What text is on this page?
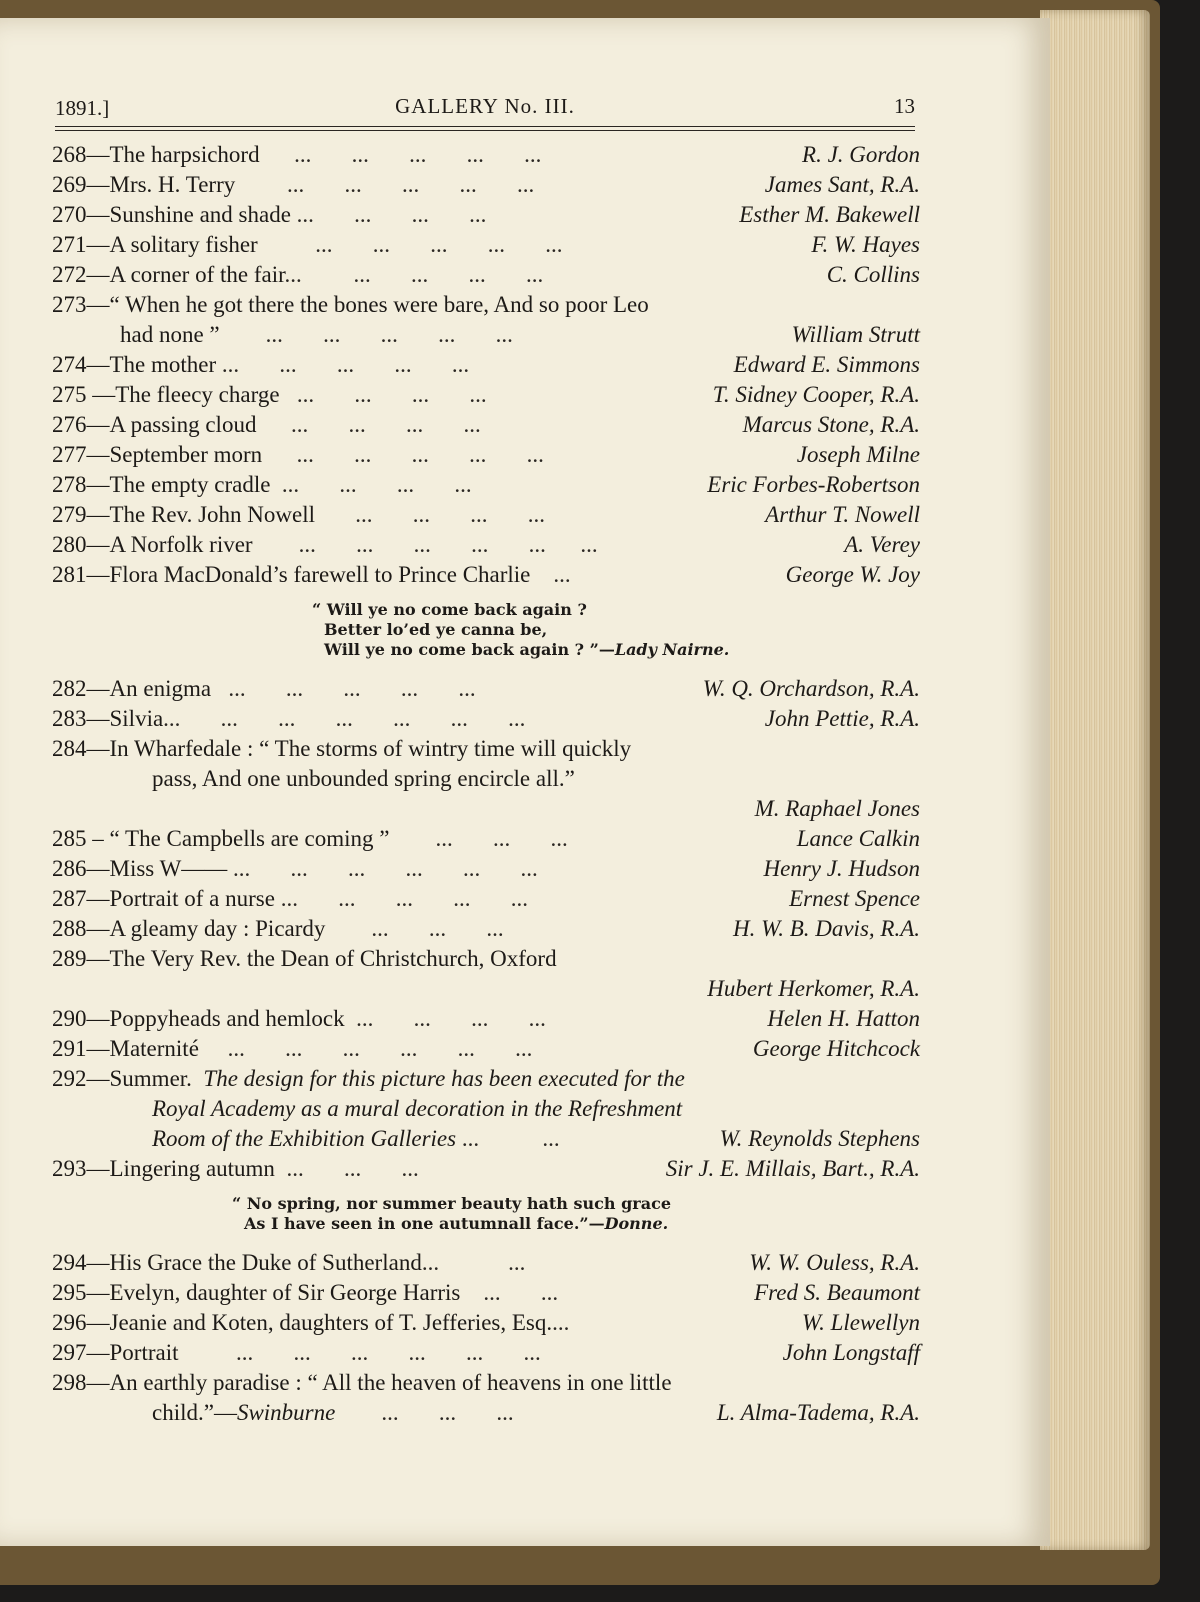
1891.]	GALLERY No. III.	13
268—The harpsichord      ...       ...       ...       ...       ...	R. J. Gordon
269—Mrs. H. Terry         ...       ...       ...       ...       ...	James Sant, R.A.
270—Sunshine and shade ...       ...       ...       ...	Esther M. Bakewell
271—A solitary fisher          ...       ...       ...       ...       ...	F. W. Hayes
272—A corner of the fair...         ...       ...       ...       ...	C. Collins
273—“ When he got there the bones were bare, And so poor Leo
had none ”        ...       ...       ...       ...       ...	William Strutt
274—The mother ...       ...       ...       ...       ...	Edward E. Simmons
275 —The fleecy charge   ...       ...       ...       ...	T. Sidney Cooper, R.A.
276—A passing cloud      ...       ...       ...       ...	Marcus Stone, R.A.
277—September morn      ...       ...       ...       ...       ...	Joseph Milne
278—The empty cradle  ...       ...       ...       ...	Eric Forbes-Robertson
279—The Rev. John Nowell       ...       ...       ...       ...	Arthur T. Nowell
280—A Norfolk river        ...       ...       ...       ...       ...      ...	A. Verey
281—Flora MacDonald’s farewell to Prince Charlie    ...	George W. Joy
“ Will ye no come back again ?
Better lo’ed ye canna be,
Will ye no come back again ? ”—Lady Nairne.
282—An enigma   ...       ...       ...       ...       ...	W. Q. Orchardson, R.A.
283—Silvia...       ...       ...       ...       ...       ...       ...	John Pettie, R.A.
284—In Wharfedale : “ The storms of wintry time will quickly
pass, And one unbounded spring encircle all.”
M. Raphael Jones
285 – “ The Campbells are coming ”        ...       ...       ...	Lance Calkin
286—Miss W—— ...       ...       ...       ...       ...       ...	Henry J. Hudson
287—Portrait of a nurse ...       ...       ...       ...       ...	Ernest Spence
288—A gleamy day : Picardy        ...       ...       ...	H. W. B. Davis, R.A.
289—The Very Rev. the Dean of Christchurch, Oxford
Hubert Herkomer, R.A.
290—Poppyheads and hemlock  ...       ...       ...       ...	Helen H. Hatton
291—Maternité     ...       ...       ...       ...       ...       ...	George Hitchcock
292—Summer. The design for this picture has been executed for the
Royal Academy as a mural decoration in the Refreshment
Room of the Exhibition Galleries ...           ...	W. Reynolds Stephens
293—Lingering autumn  ...       ...       ...	Sir J. E. Millais, Bart., R.A.
“ No spring, nor summer beauty hath such grace
As I have seen in one autumnall face.”—Donne.
294—His Grace the Duke of Sutherland...            ...	W. W. Ouless, R.A.
295—Evelyn, daughter of Sir George Harris    ...       ...	Fred S. Beaumont
296—Jeanie and Koten, daughters of T. Jefferies, Esq....	W. Llewellyn
297—Portrait          ...       ...       ...       ...       ...       ...	John Longstaff
298—An earthly paradise : “ All the heaven of heavens in one little
child.”—Swinburne        ...       ...       ...	L. Alma-Tadema, R.A.
